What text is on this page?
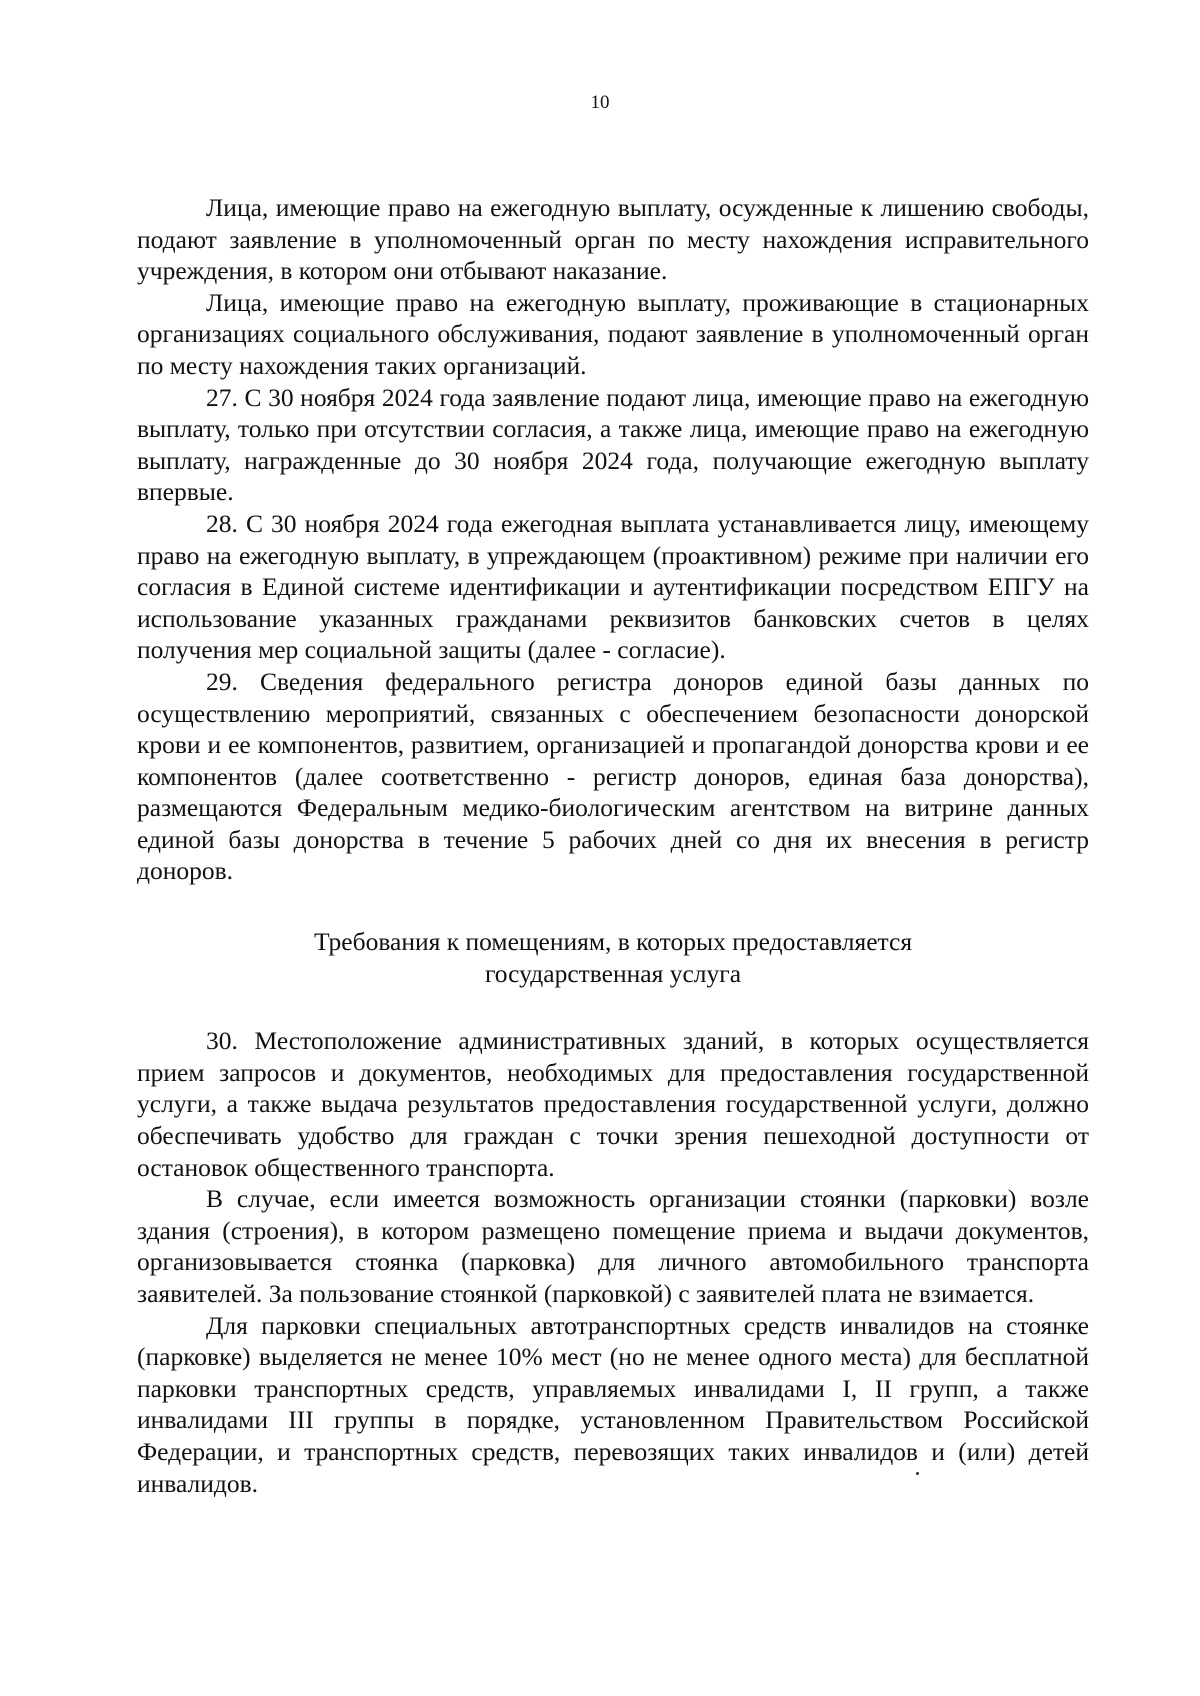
10

Лица, имеющие право на ежегодную выплату, осужденные к лишению свободы, подают заявление в уполномоченный орган по месту нахождения исправительного учреждения, в котором они отбывают наказание.

Лица, имеющие право на ежегодную выплату, проживающие в стационарных организациях социального обслуживания, подают заявление в уполномоченный орган по месту нахождения таких организаций.

27. С 30 ноября 2024 года заявление подают лица, имеющие право на ежегодную выплату, только при отсутствии согласия, а также лица, имеющие право на ежегодную выплату, награжденные до 30 ноября 2024 года, получающие ежегодную выплату впервые.

28. С 30 ноября 2024 года ежегодная выплата устанавливается лицу, имеющему право на ежегодную выплату, в упреждающем (проактивном) режиме при наличии его согласия в Единой системе идентификации и аутентификации посредством ЕПГУ на использование указанных гражданами реквизитов банковских счетов в целях получения мер социальной защиты (далее - согласие).

29. Сведения федерального регистра доноров единой базы данных по осуществлению мероприятий, связанных с обеспечением безопасности донорской крови и ее компонентов, развитием, организацией и пропагандой донорства крови и ее компонентов (далее соответственно - регистр доноров, единая база донорства), размещаются Федеральным медико-биологическим агентством на витрине данных единой базы донорства в течение 5 рабочих дней со дня их внесения в регистр доноров.

Требования к помещениям, в которых предоставляется
государственная услуга

30. Местоположение административных зданий, в которых осуществляется прием запросов и документов, необходимых для предоставления государственной услуги, а также выдача результатов предоставления государственной услуги, должно обеспечивать удобство для граждан с точки зрения пешеходной доступности от остановок общественного транспорта.

В случае, если имеется возможность организации стоянки (парковки) возле здания (строения), в котором размещено помещение приема и выдачи документов, организовывается стоянка (парковка) для личного автомобильного транспорта заявителей. За пользование стоянкой (парковкой) с заявителей плата не взимается.

Для парковки специальных автотранспортных средств инвалидов на стоянке (парковке) выделяется не менее 10% мест (но не менее одного места) для бесплатной парковки транспортных средств, управляемых инвалидами I, II групп, а также инвалидами III группы в порядке, установленном Правительством Российской Федерации, и транспортных средств, перевозящих таких инвалидов и (или) детей инвалидов.
